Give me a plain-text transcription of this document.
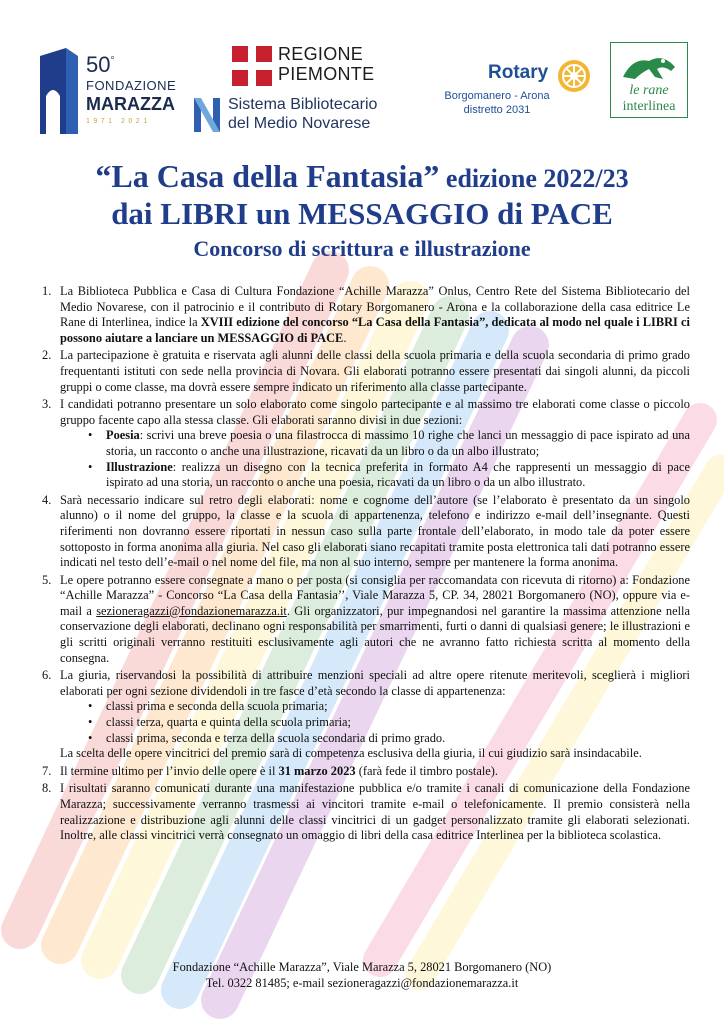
50°
FONDAZIONE
MARAZZA
1971 2021
REGIONE
PIEMONTE
Sistema Bibliotecario
del Medio Novarese
Rotary
Borgomanero - Arona
distretto 2031
le rane
interlinea
“La Casa della Fantasia” edizione 2022/23
dai LIBRI un MESSAGGIO di PACE
Concorso di scrittura e illustrazione
1. La Biblioteca Pubblica e Casa di Cultura Fondazione “Achille Marazza” Onlus, Centro Rete del Sistema Bibliotecario del Medio Novarese, con il patrocinio e il contributo di Rotary Borgomanero - Arona e la collaborazione della casa editrice Le Rane di Interlinea, indice la XVIII edizione del concorso “La Casa della Fantasia”, dedicata al modo nel quale i LIBRI ci possono aiutare a lanciare un MESSAGGIO di PACE.
2. La partecipazione è gratuita e riservata agli alunni delle classi della scuola primaria e della scuola secondaria di primo grado frequentanti istituti con sede nella provincia di Novara. Gli elaborati potranno essere presentati dai singoli alunni, da piccoli gruppi o come classe, ma dovrà essere sempre indicato un riferimento alla classe partecipante.
3. I candidati potranno presentare un solo elaborato come singolo partecipante e al massimo tre elaborati come classe o piccolo gruppo facente capo alla stessa classe. Gli elaborati saranno divisi in due sezioni:
• Poesia: scrivi una breve poesia o una filastrocca di massimo 10 righe che lanci un messaggio di pace ispirato ad una storia, un racconto o anche una illustrazione, ricavati da un libro o da un albo illustrato;
• Illustrazione: realizza un disegno con la tecnica preferita in formato A4 che rappresenti un messaggio di pace ispirato ad una storia, un racconto o anche una poesia, ricavati da un libro o da un albo illustrato.
4. Sarà necessario indicare sul retro degli elaborati: nome e cognome dell’autore (se l’elaborato è presentato da un singolo alunno) o il nome del gruppo, la classe e la scuola di appartenenza, telefono e indirizzo e-mail dell’insegnante. Questi riferimenti non dovranno essere riportati in nessun caso sulla parte frontale dell’elaborato, in modo tale da poter essere sottoposto in forma anonima alla giuria. Nel caso gli elaborati siano recapitati tramite posta elettronica tali dati potranno essere indicati nel testo dell’e-mail o nel nome del file, ma non al suo interno, sempre per mantenere la forma anonima.
5. Le opere potranno essere consegnate a mano o per posta (si consiglia per raccomandata con ricevuta di ritorno) a: Fondazione “Achille Marazza” - Concorso “La Casa della Fantasia’’, Viale Marazza 5, CP. 34, 28021 Borgomanero (NO), oppure via e-mail a sezioneragazzi@fondazionemarazza.it. Gli organizzatori, pur impegnandosi nel garantire la massima attenzione nella conservazione degli elaborati, declinano ogni responsabilità per smarrimenti, furti o danni di qualsiasi genere; le illustrazioni e gli scritti originali verranno restituiti esclusivamente agli autori che ne avranno fatto richiesta scritta al momento della consegna.
6. La giuria, riservandosi la possibilità di attribuire menzioni speciali ad altre opere ritenute meritevoli, sceglierà i migliori elaborati per ogni sezione dividendoli in tre fasce d’età secondo la classe di appartenenza:
• classi prima e seconda della scuola primaria;
• classi terza, quarta e quinta della scuola primaria;
• classi prima, seconda e terza della scuola secondaria di primo grado.
La scelta delle opere vincitrici del premio sarà di competenza esclusiva della giuria, il cui giudizio sarà insindacabile.
7. Il termine ultimo per l’invio delle opere è il 31 marzo 2023 (farà fede il timbro postale).
8. I risultati saranno comunicati durante una manifestazione pubblica e/o tramite i canali di comunicazione della Fondazione Marazza; successivamente verranno trasmessi ai vincitori tramite e-mail o telefonicamente. Il premio consisterà nella realizzazione e distribuzione agli alunni delle classi vincitrici di un gadget personalizzato tramite gli elaborati selezionati. Inoltre, alle classi vincitrici verrà consegnato un omaggio di libri della casa editrice Interlinea per la biblioteca scolastica.
Fondazione “Achille Marazza”, Viale Marazza 5, 28021 Borgomanero (NO)
Tel. 0322 81485; e-mail sezioneragazzi@fondazionemarazza.it
